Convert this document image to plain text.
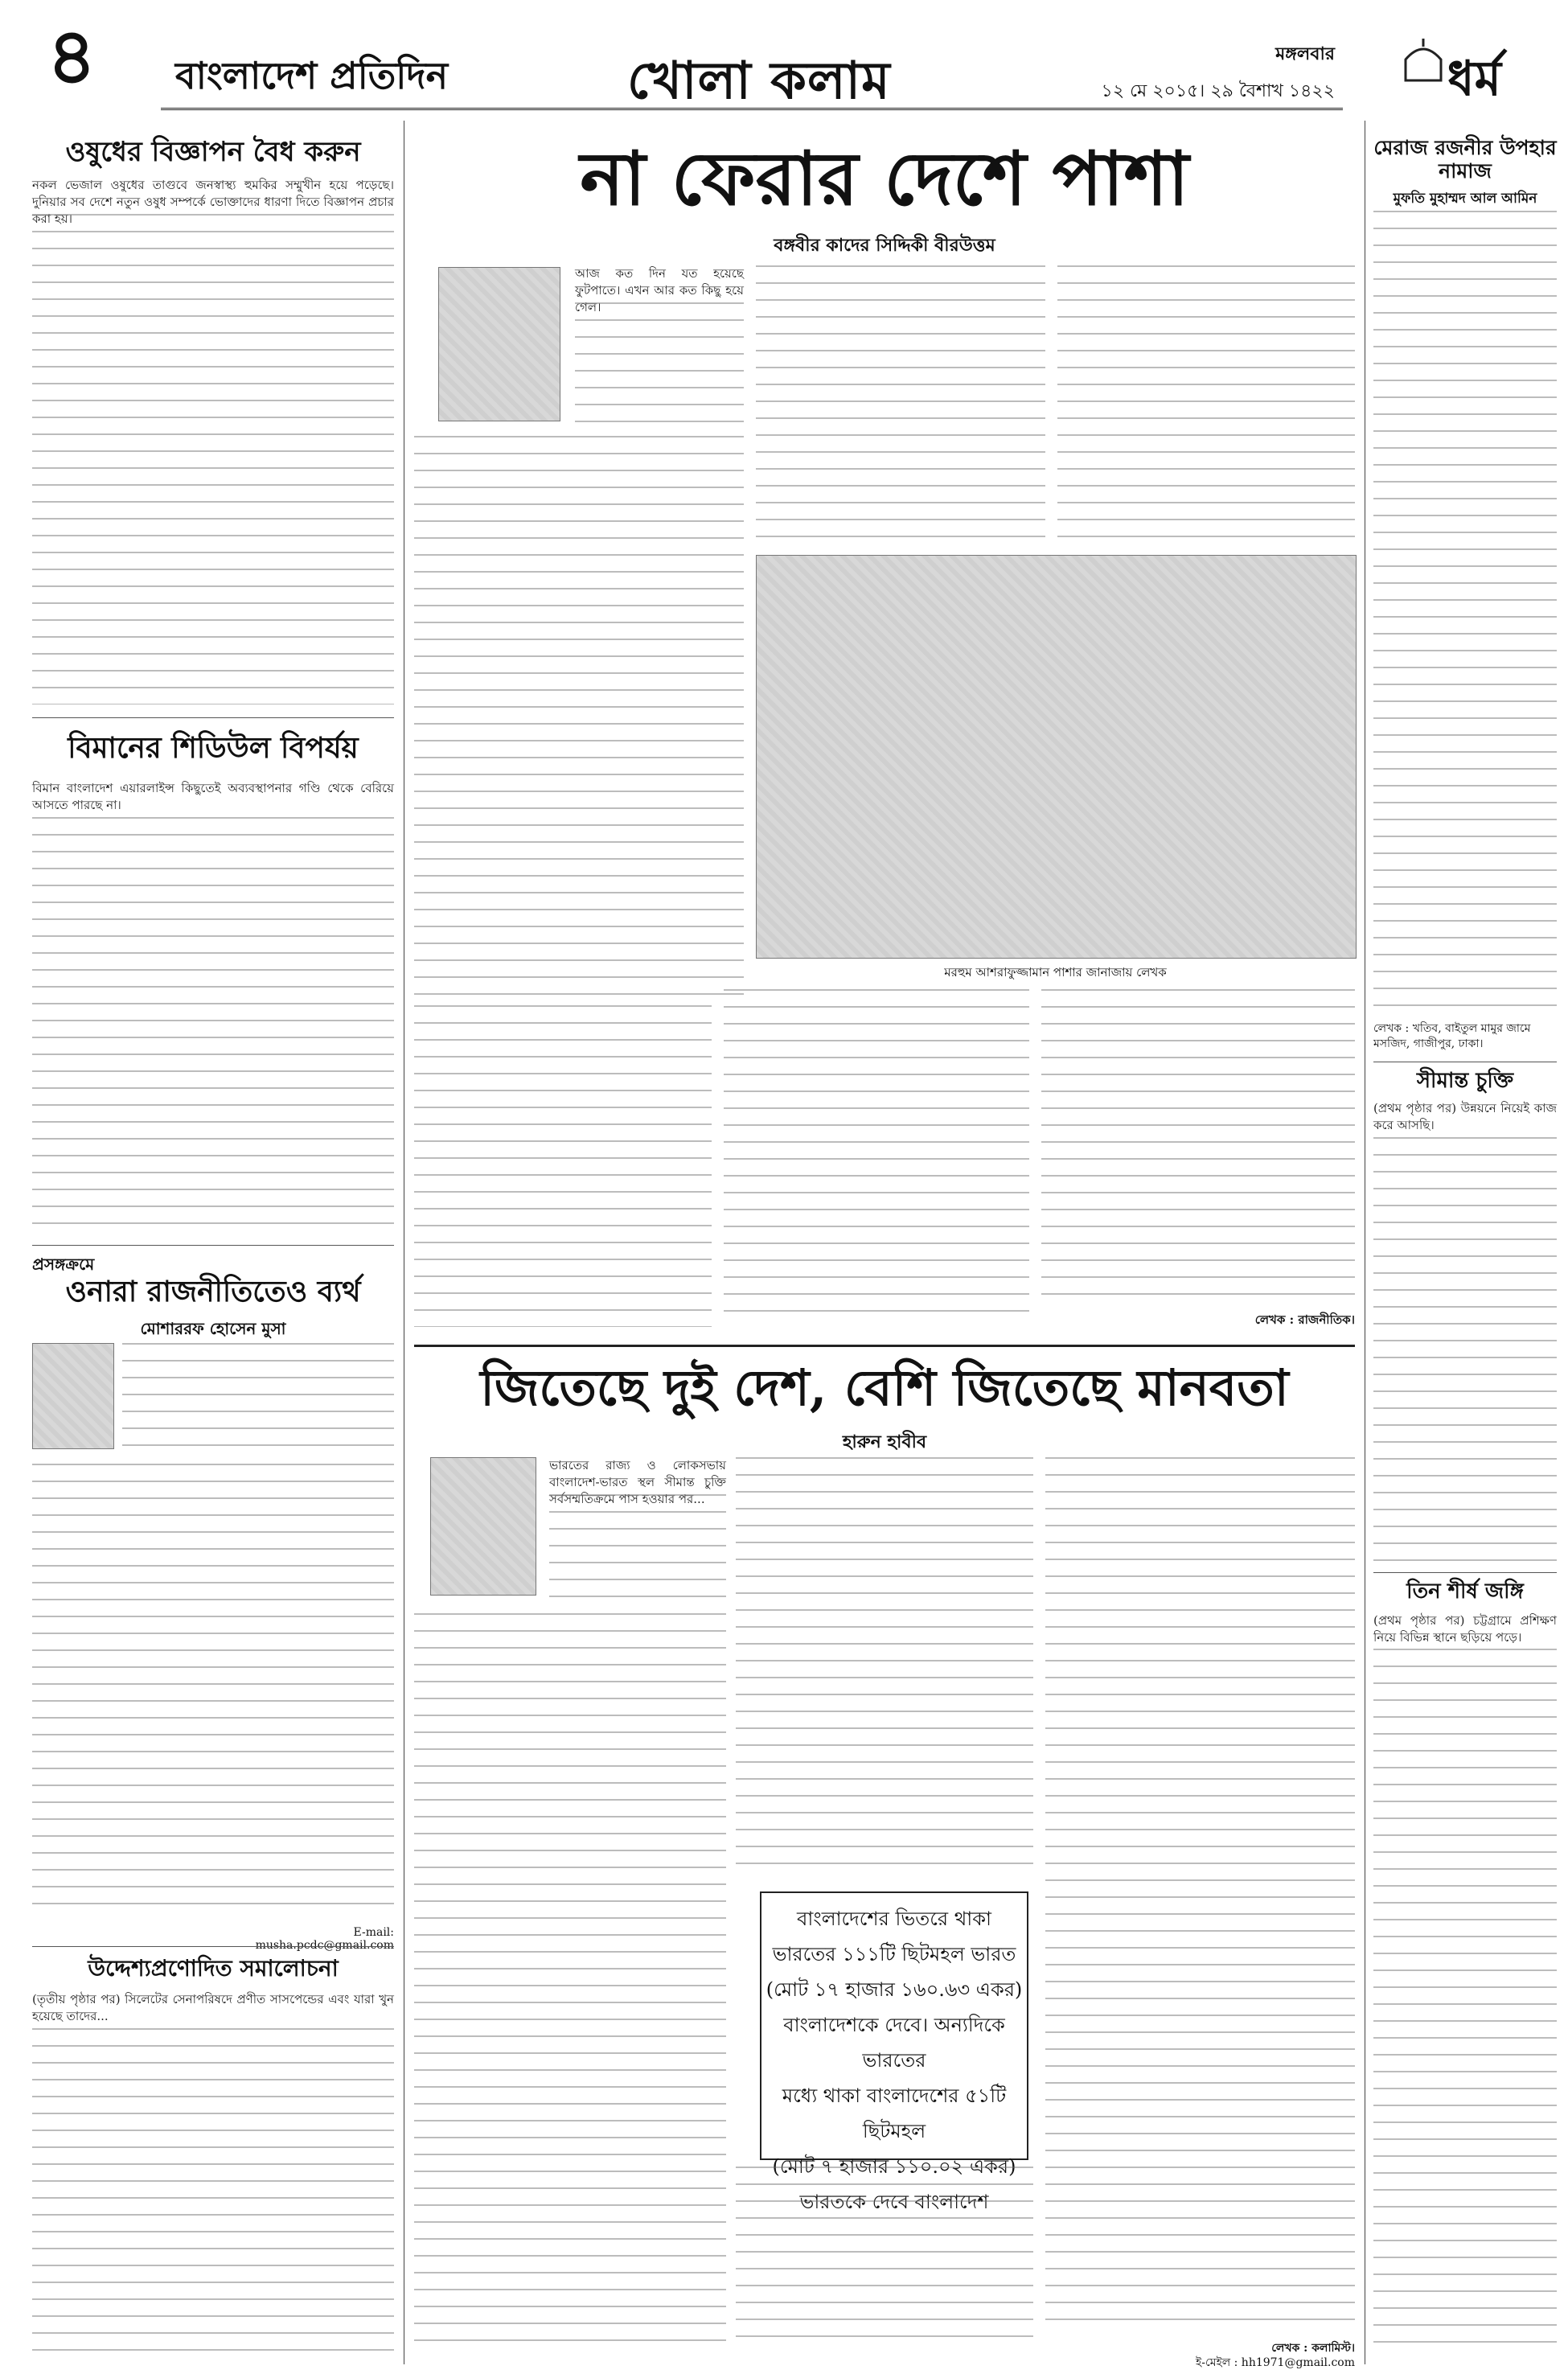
৪ বাংলাদেশ প্রতিদিন	খোলা কলাম	মঙ্গলবার
১২ মে ২০১৫। ২৯ বৈশাখ ১৪২২ ধর্ম
ওষুধের বিজ্ঞাপন বৈধ করুন
নকল ভেজাল ওষুধের তাগুবে জনস্বাস্থ্য হুমকির সম্মুখীন হয়ে পড়েছে। দুনিয়ার সব দেশে নতুন ওষুধ সম্পর্কে ভোক্তাদের ধারণা দিতে বিজ্ঞাপন প্রচার করা হয়।
বিমানের শিডিউল বিপর্যয়
বিমান বাংলাদেশ এয়ারলাইন্স কিছুতেই অব্যবস্থাপনার গণ্ডি থেকে বেরিয়ে আসতে পারছে না।
প্রসঙ্গক্রমে
ওনারা রাজনীতিতেও ব্যর্থ
মোশাররফ হোসেন মুসা
E-mail: musha.pcdc@gmail.com
উদ্দেশ্যপ্রণোদিত সমালোচনা
(তৃতীয় পৃষ্ঠার পর) সিলেটের সেনাপরিষদে প্রণীত সাসপেন্ডের এবং যারা খুন হয়েছে তাদের...
না ফেরার দেশে পাশা
বঙ্গবীর কাদের সিদ্দিকী বীরউত্তম
আজ কত দিন যত হয়েছে ফুটপাতে। এখন আর কত কিছু হয়ে গেল।
মরহুম আশরাফুজ্জামান পাশার জানাজায় লেখক
লেখক : রাজনীতিক।
জিতেছে দুই দেশ, বেশি জিতেছে মানবতা
হারুন হাবীব
ভারতের রাজ্য ও লোকসভায় বাংলাদেশ-ভারত স্থল সীমান্ত চুক্তি সর্বসম্মতিক্রমে পাস হওয়ার পর...
বাংলাদেশের ভিতরে থাকা
ভারতের ১১১টি ছিটমহল ভারত
(মোট ১৭ হাজার ১৬০.৬৩ একর)
বাংলাদেশকে দেবে। অন্যদিকে ভারতের
মধ্যে থাকা বাংলাদেশের ৫১টি ছিটমহল
(মোট ৭ হাজার ১১০.০২ একর)
ভারতকে দেবে বাংলাদেশ
লেখক : কলামিস্ট।
ই-মেইল : hh1971@gmail.com
মেরাজ রজনীর উপহার নামাজ
মুফতি মুহাম্মদ আল আমিন
লেখক : খতিব, বাইতুল মামুর জামে মসজিদ, গাজীপুর, ঢাকা।
সীমান্ত চুক্তি
(প্রথম পৃষ্ঠার পর) উন্নয়নে নিয়েই কাজ করে আসছি।
তিন শীর্ষ জঙ্গি
(প্রথম পৃষ্ঠার পর) চট্টগ্রামে প্রশিক্ষণ নিয়ে বিভিন্ন স্থানে ছড়িয়ে পড়ে।
